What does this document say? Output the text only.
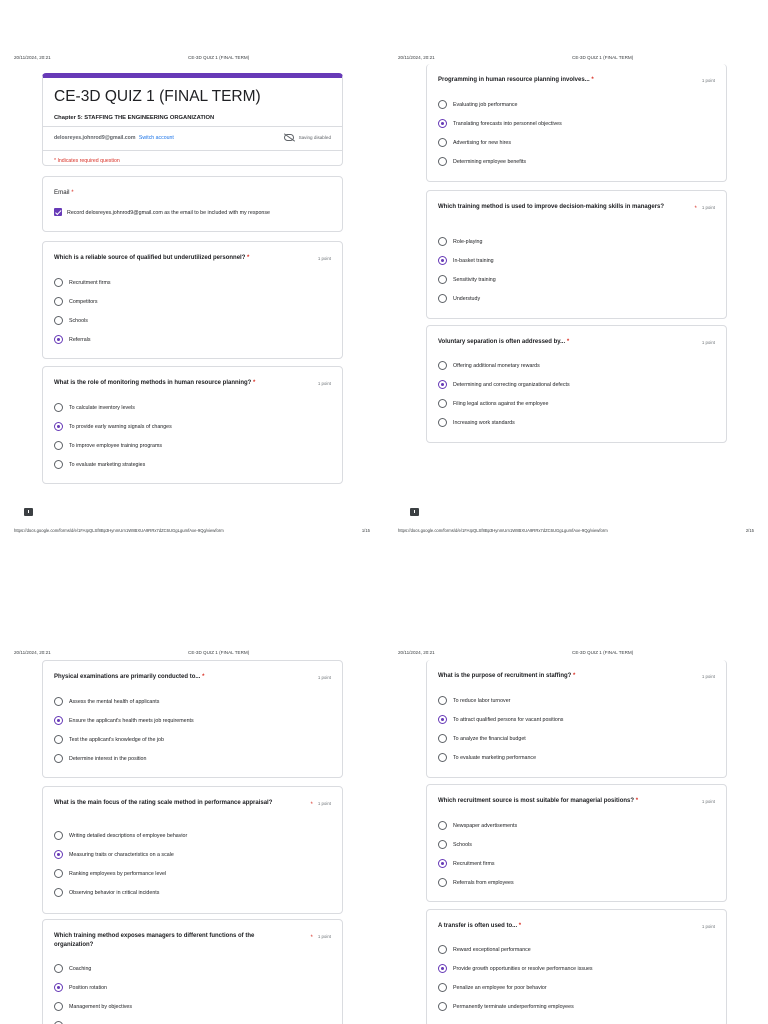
20/11/2024, 20:21	CE-3D QUIZ 1 (FINAL TERM)
CE-3D QUIZ 1 (FINAL TERM)
Chapter 5: STAFFING THE ENGINEERING ORGANIZATION
delosreyes.johnrod9@gmail.com Switch account	Saving disabled
* Indicates required question
Email *
Record delosreyes.johnrod9@gmail.com as the email to be included with my response
Which is a reliable source of qualified but underutilized personnel? *	1 point
Recruitment firms
Competitors
Schools
Referrals
What is the role of monitoring methods in human resource planning? *	1 point
To calculate inventory levels
To provide early warning signals of changes
To improve employee training programs
To evaluate marketing strategies
https://docs.google.com/forms/d/e/1FAIpQLSf8Bp3HynmUrn1W8BXUA9RRx7dZC6UGgLgumfAxe-9Qg/viewform	1/15
20/11/2024, 20:21	CE-3D QUIZ 1 (FINAL TERM)
Programming in human resource planning involves... *	1 point
Evaluating job performance
Translating forecasts into personnel objectives
Advertising for new hires
Determining employee benefits
Which training method is used to improve decision-making skills in managers?	* 1 point
Role-playing
In-basket training
Sensitivity training
Understudy
Voluntary separation is often addressed by... *	1 point
Offering additional monetary rewards
Determining and correcting organizational defects
Filing legal actions against the employee
Increasing work standards
https://docs.google.com/forms/d/e/1FAIpQLSf8Bp3HynmUrn1W8BXUA9RRx7dZC6UGgLgumfAxe-9Qg/viewform	2/15
20/11/2024, 20:21	CE-3D QUIZ 1 (FINAL TERM)
Physical examinations are primarily conducted to... *	1 point
Assess the mental health of applicants
Ensure the applicant's health meets job requirements
Test the applicant's knowledge of the job
Determine interest in the position
What is the main focus of the rating scale method in performance appraisal?	* 1 point
Writing detailed descriptions of employee behavior
Measuring traits or characteristics on a scale
Ranking employees by performance level
Observing behavior in critical incidents
Which training method exposes managers to different functions of the organization?
* 1 point
Coaching
Position rotation
Management by objectives
20/11/2024, 20:21	CE-3D QUIZ 1 (FINAL TERM)
What is the purpose of recruitment in staffing? *	1 point
To reduce labor turnover
To attract qualified persons for vacant positions
To analyze the financial budget
To evaluate marketing performance
Which recruitment source is most suitable for managerial positions? *	1 point
Newspaper advertisements
Schools
Recruitment firms
Referrals from employees
A transfer is often used to... *	1 point
Reward exceptional performance
Provide growth opportunities or resolve performance issues
Penalize an employee for poor behavior
Permanently terminate underperforming employees
